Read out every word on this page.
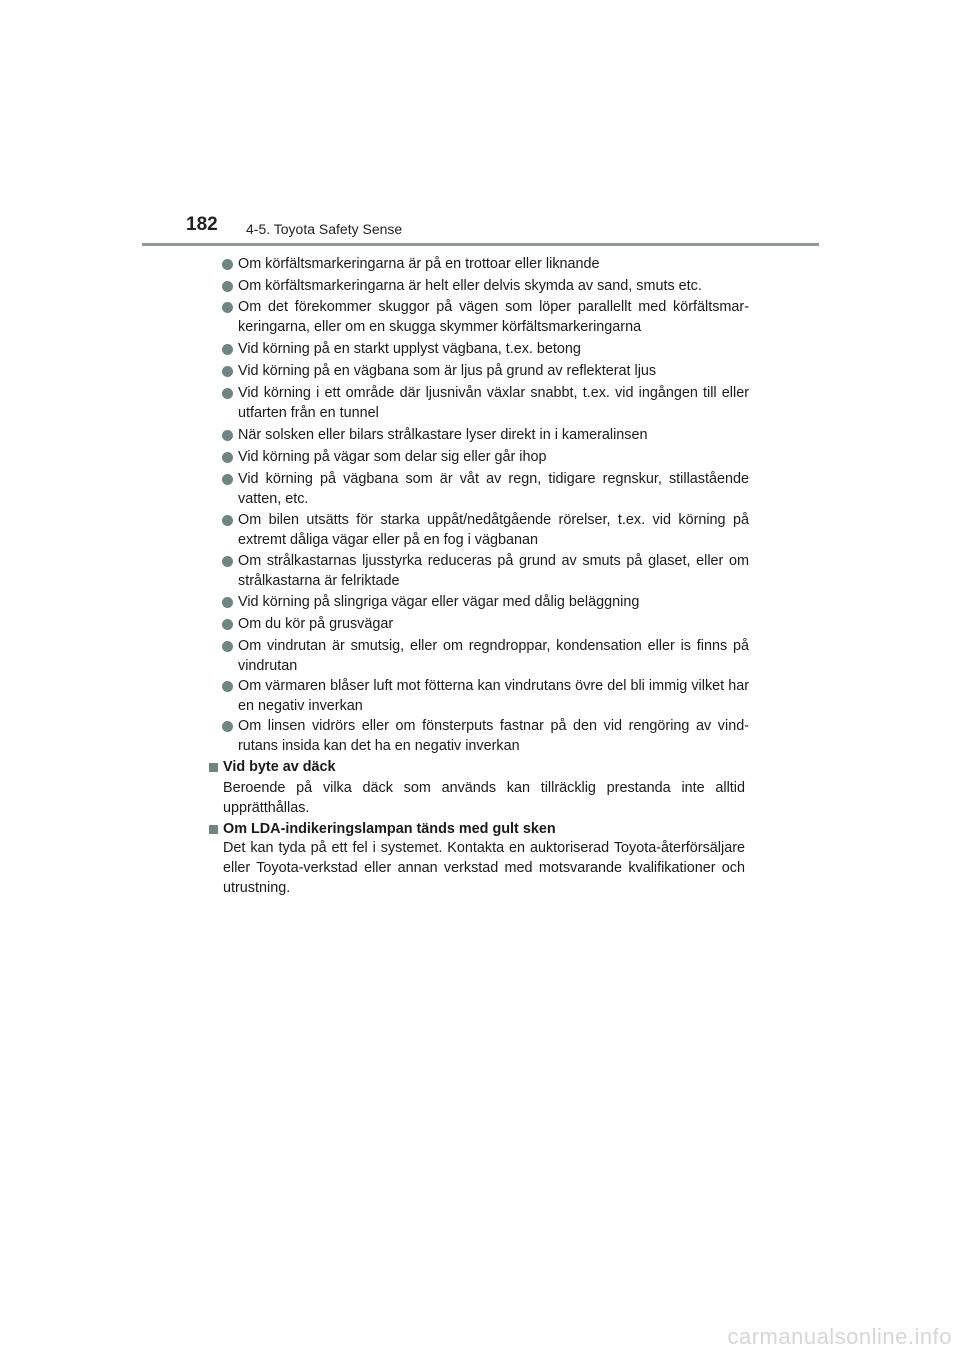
182 4-5. Toyota Safety Sense
Om körfältsmarkeringarna är på en trottoar eller liknande
Om körfältsmarkeringarna är helt eller delvis skymda av sand, smuts etc.
Om det förekommer skuggor på vägen som löper parallellt med körfältsmarkeringarna, eller om en skugga skymmer körfältsmarkeringarna
Vid körning på en starkt upplyst vägbana, t.ex. betong
Vid körning på en vägbana som är ljus på grund av reflekterat ljus
Vid körning i ett område där ljusnivån växlar snabbt, t.ex. vid ingången till eller utfarten från en tunnel
När solsken eller bilars strålkastare lyser direkt in i kameralinsen
Vid körning på vägar som delar sig eller går ihop
Vid körning på vägbana som är våt av regn, tidigare regnskur, stillastående vatten, etc.
Om bilen utsätts för starka uppåt/nedåtgående rörelser, t.ex. vid körning på extremt dåliga vägar eller på en fog i vägbanan
Om strålkastarnas ljusstyrka reduceras på grund av smuts på glaset, eller om strålkastarna är felriktade
Vid körning på slingriga vägar eller vägar med dålig beläggning
Om du kör på grusvägar
Om vindrutan är smutsig, eller om regndroppar, kondensation eller is finns på vindrutan
Om värmaren blåser luft mot fötterna kan vindrutans övre del bli immig vilket har en negativ inverkan
Om linsen vidrörs eller om fönsterputs fastnar på den vid rengöring av vindrutans insida kan det ha en negativ inverkan
Vid byte av däck
Beroende på vilka däck som används kan tillräcklig prestanda inte alltid upprätthållas.
Om LDA-indikeringslampan tänds med gult sken
Det kan tyda på ett fel i systemet. Kontakta en auktoriserad Toyota-återförsäljare eller Toyota-verkstad eller annan verkstad med motsvarande kvalifikationer och utrustning.
carmanualsonline.info
